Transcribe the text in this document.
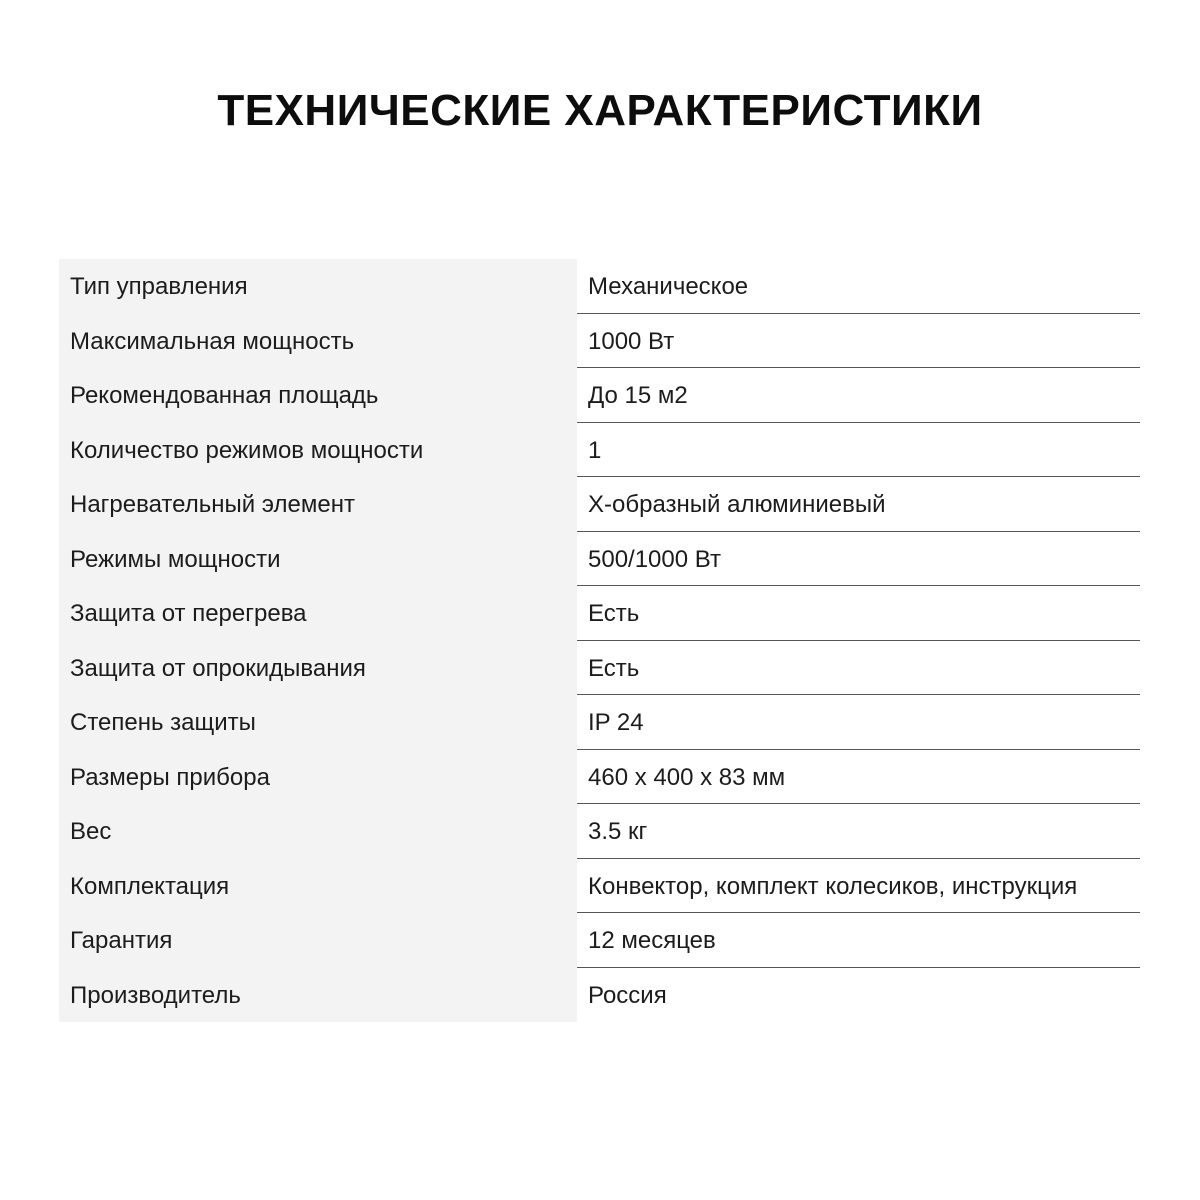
ТЕХНИЧЕСКИЕ ХАРАКТЕРИСТИКИ
Тип управления	Механическое
Максимальная мощность	1000 Вт
Рекомендованная площадь	До 15 м2
Количество режимов мощности	1
Нагревательный элемент	Х-образный алюминиевый
Режимы мощности	500/1000 Вт
Защита от перегрева	Есть
Защита от опрокидывания	Есть
Степень защиты	IP 24
Размеры прибора	460 х 400 х 83 мм
Вес	3.5 кг
Комплектация	Конвектор, комплект колесиков, инструкция
Гарантия	12 месяцев
Производитель	Россия
